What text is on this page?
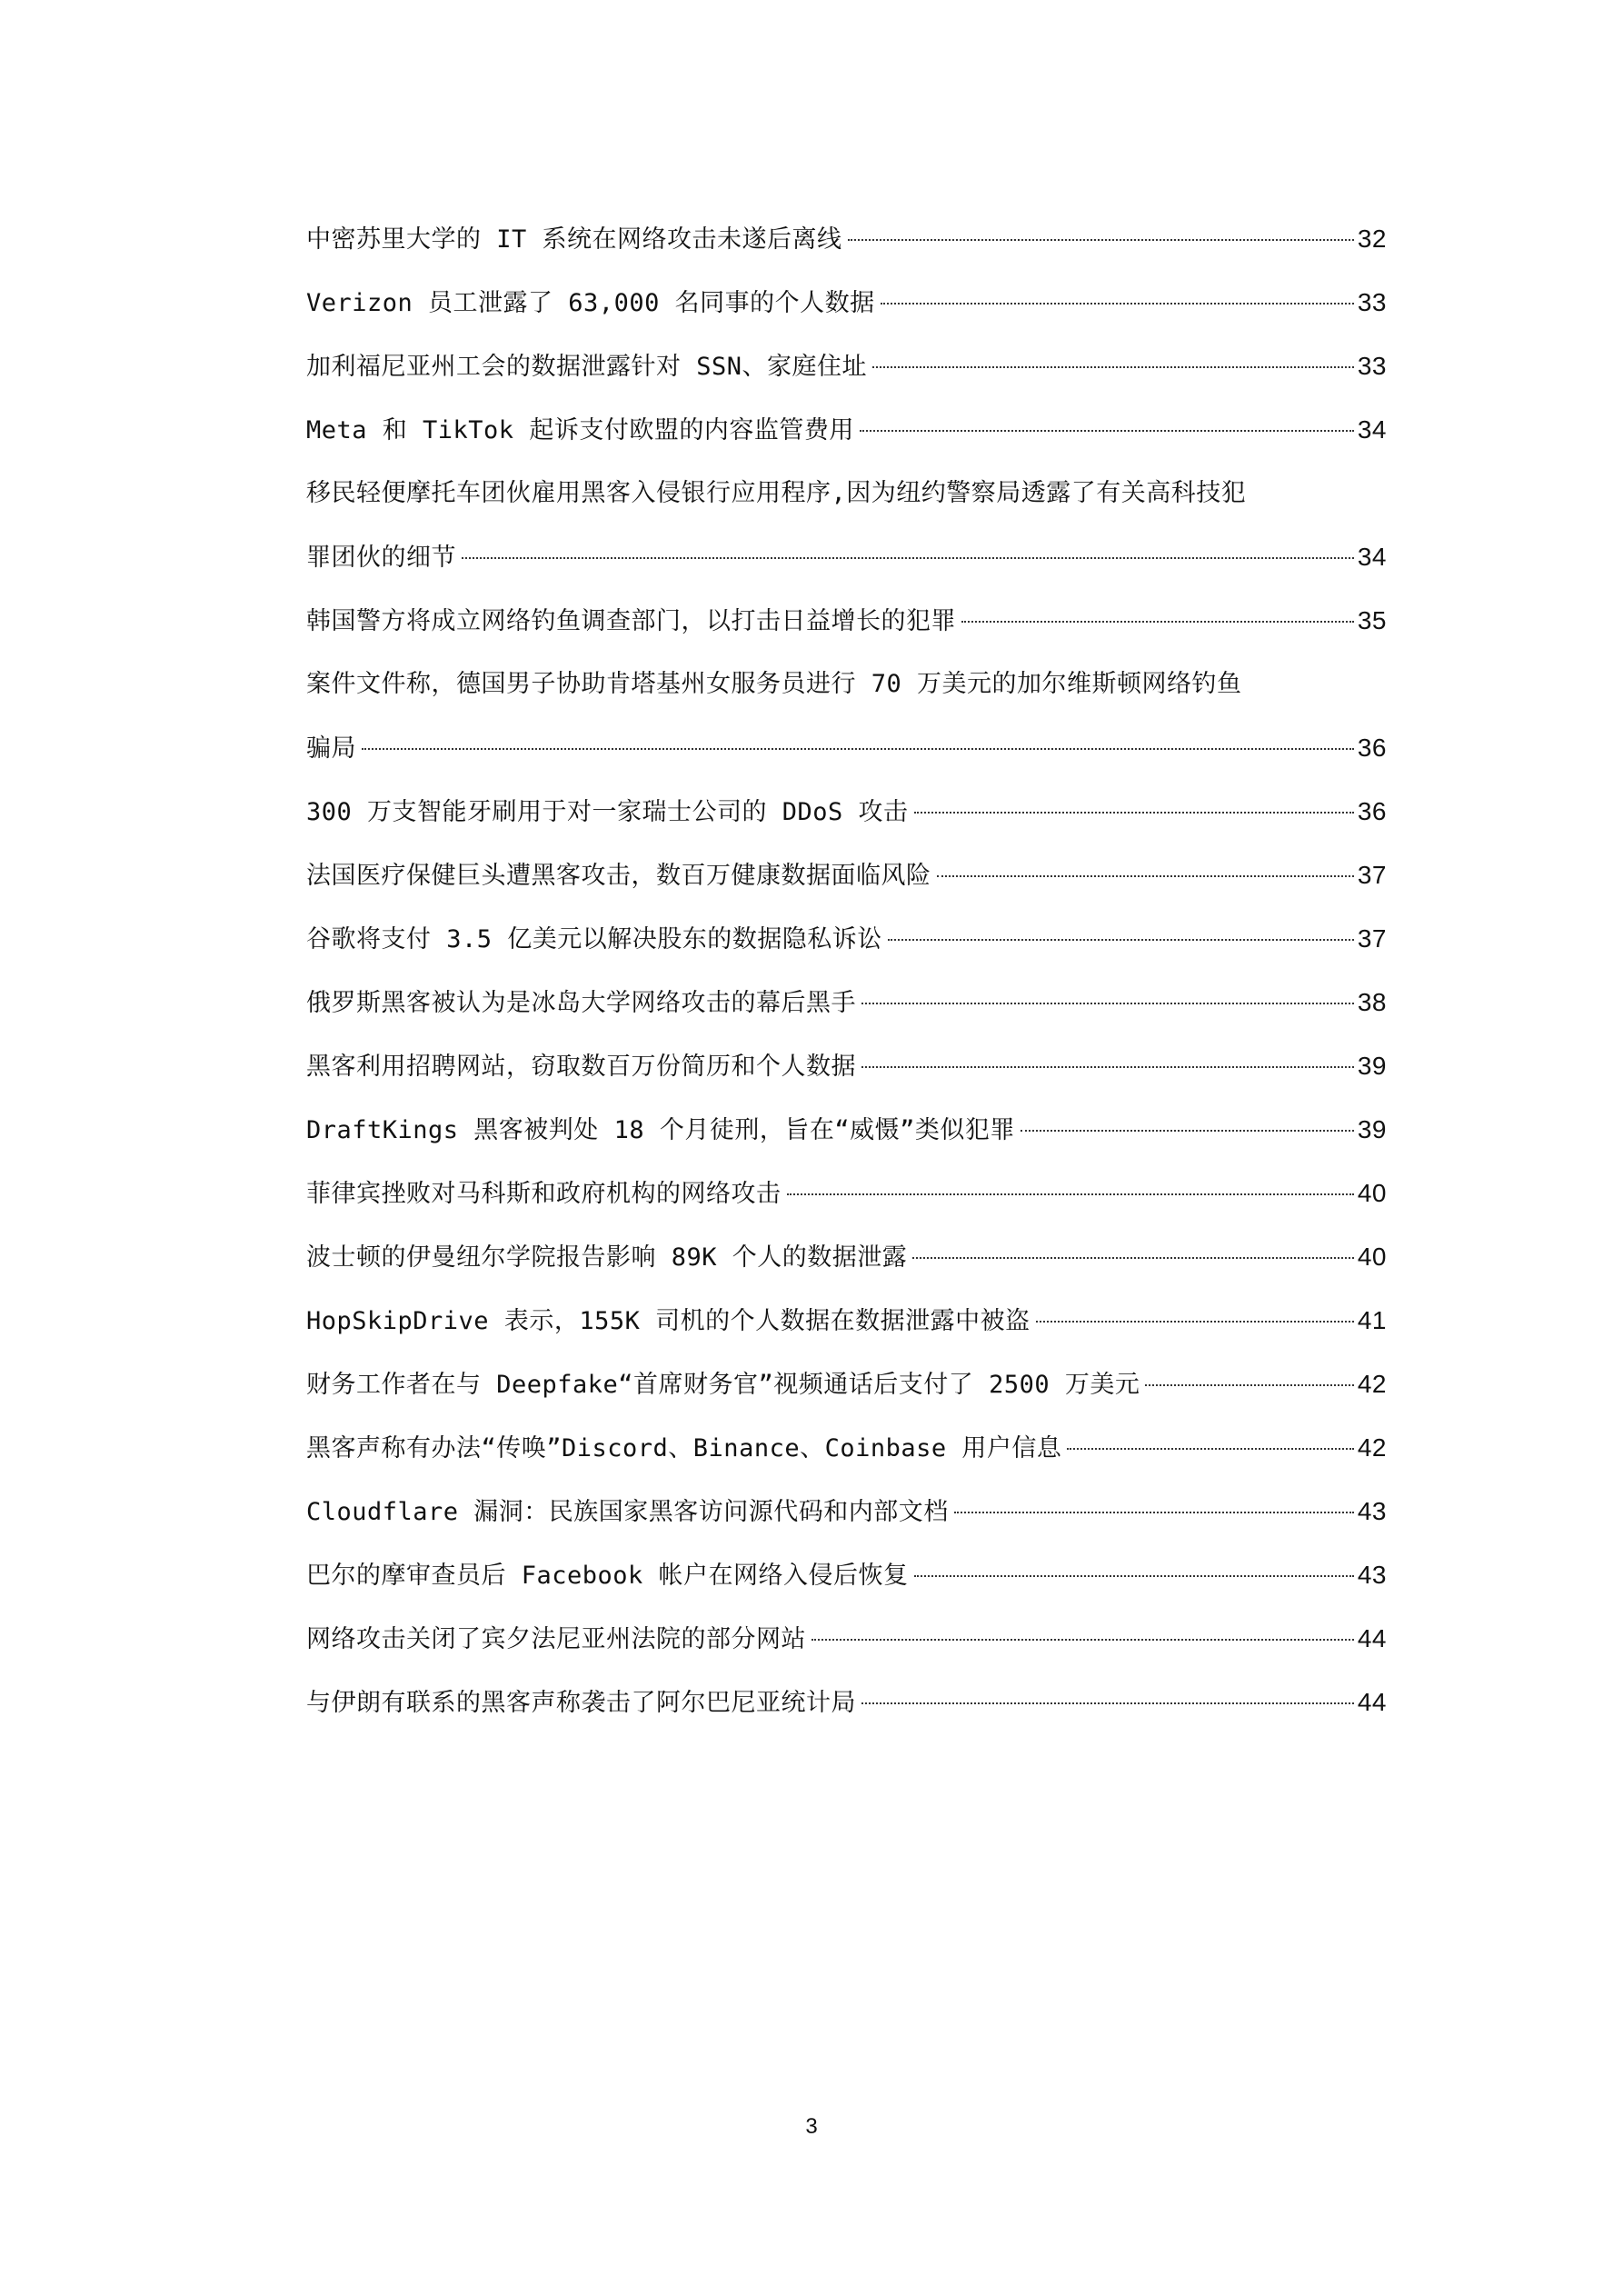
中密苏里大学的 IT 系统在网络攻击未遂后离线	32
Verizon 员工泄露了 63,000 名同事的个人数据	33
加利福尼亚州工会的数据泄露针对 SSN、家庭住址	33
Meta 和 TikTok 起诉支付欧盟的内容监管费用	34
移民轻便摩托车团伙雇用黑客入侵银行应用程序,因为纽约警察局透露了有关高科技犯
罪团伙的细节	34
韩国警方将成立网络钓鱼调查部门，以打击日益增长的犯罪	35
案件文件称，德国男子协助肯塔基州女服务员进行 70 万美元的加尔维斯顿网络钓鱼
骗局	36
300 万支智能牙刷用于对一家瑞士公司的 DDoS 攻击	36
法国医疗保健巨头遭黑客攻击，数百万健康数据面临风险	37
谷歌将支付 3.5 亿美元以解决股东的数据隐私诉讼	37
俄罗斯黑客被认为是冰岛大学网络攻击的幕后黑手	38
黑客利用招聘网站，窃取数百万份简历和个人数据	39
DraftKings 黑客被判处 18 个月徒刑，旨在“威慑”类似犯罪	39
菲律宾挫败对马科斯和政府机构的网络攻击	40
波士顿的伊曼纽尔学院报告影响 89K 个人的数据泄露	40
HopSkipDrive 表示，155K 司机的个人数据在数据泄露中被盗	41
财务工作者在与 Deepfake“首席财务官”视频通话后支付了 2500 万美元	42
黑客声称有办法“传唤”Discord、Binance、Coinbase 用户信息	42
Cloudflare 漏洞：民族国家黑客访问源代码和内部文档	43
巴尔的摩审查员后 Facebook 帐户在网络入侵后恢复	43
网络攻击关闭了宾夕法尼亚州法院的部分网站	44
与伊朗有联系的黑客声称袭击了阿尔巴尼亚统计局	44
3
